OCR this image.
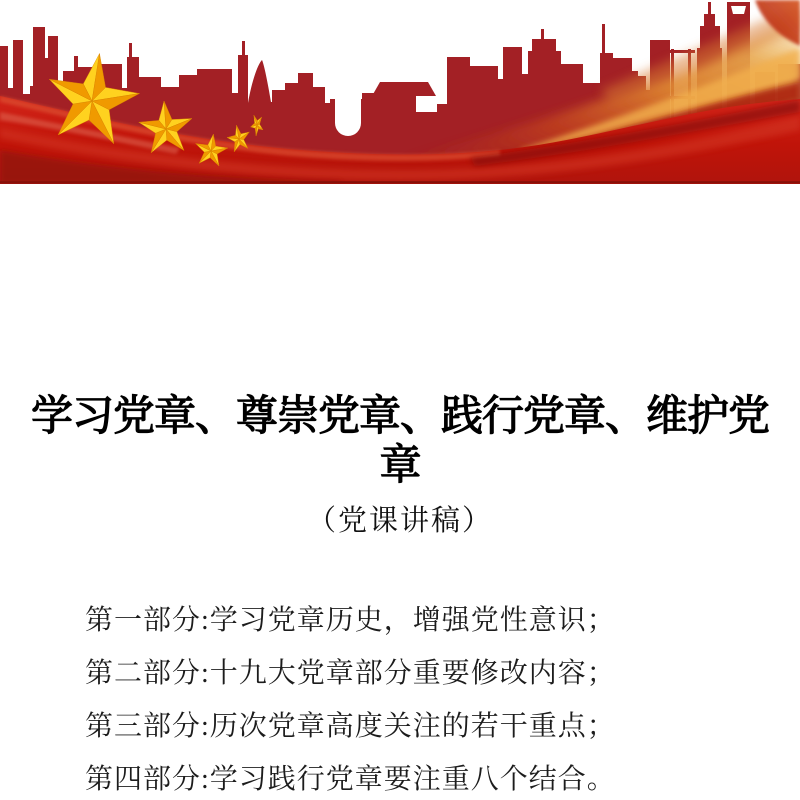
学习党章、尊崇党章、践行党章、维护党
章
（党课讲稿）
第一部分:学习党章历史，增强党性意识；
第二部分:十九大党章部分重要修改内容；
第三部分:历次党章高度关注的若干重点；
第四部分:学习践行党章要注重八个结合。
